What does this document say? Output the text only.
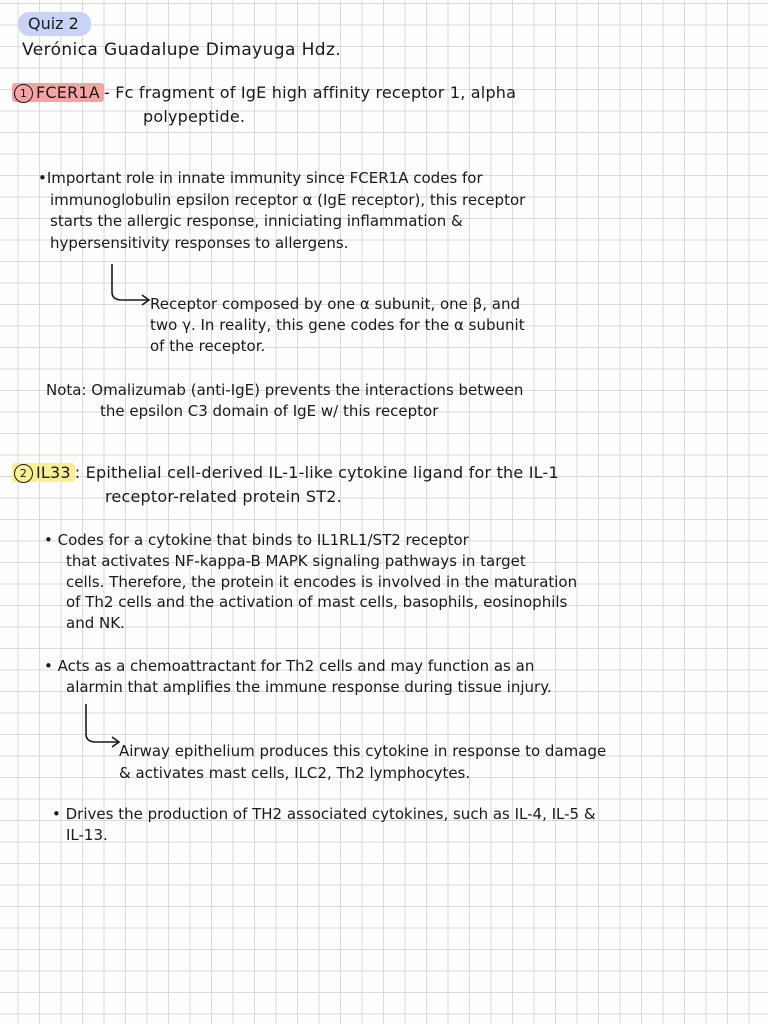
Quiz 2
Verónica Guadalupe Dimayuga Hdz.
1 FCER1A - Fc fragment of IgE high affinity receptor 1, alpha
polypeptide.
•Important role in innate immunity since FCER1A codes for
immunoglobulin epsilon receptor α (IgE receptor), this receptor
starts the allergic response, inniciating inflammation &
hypersensitivity responses to allergens.
Receptor composed by one α subunit, one β, and
two γ. In reality, this gene codes for the α subunit
of the receptor.
Nota: Omalizumab (anti-IgE) prevents the interactions between
the epsilon C3 domain of IgE w/ this receptor
2 IL33 : Epithelial cell-derived IL-1-like cytokine ligand for the IL-1
receptor-related protein ST2.
• Codes for a cytokine that binds to IL1RL1/ST2 receptor
that activates NF-kappa-B MAPK signaling pathways in target
cells. Therefore, the protein it encodes is involved in the maturation
of Th2 cells and the activation of mast cells, basophils, eosinophils
and NK.
• Acts as a chemoattractant for Th2 cells and may function as an
alarmin that amplifies the immune response during tissue injury.
Airway epithelium produces this cytokine in response to damage
& activates mast cells, ILC2, Th2 lymphocytes.
• Drives the production of TH2 associated cytokines, such as IL-4, IL-5 &
IL-13.
